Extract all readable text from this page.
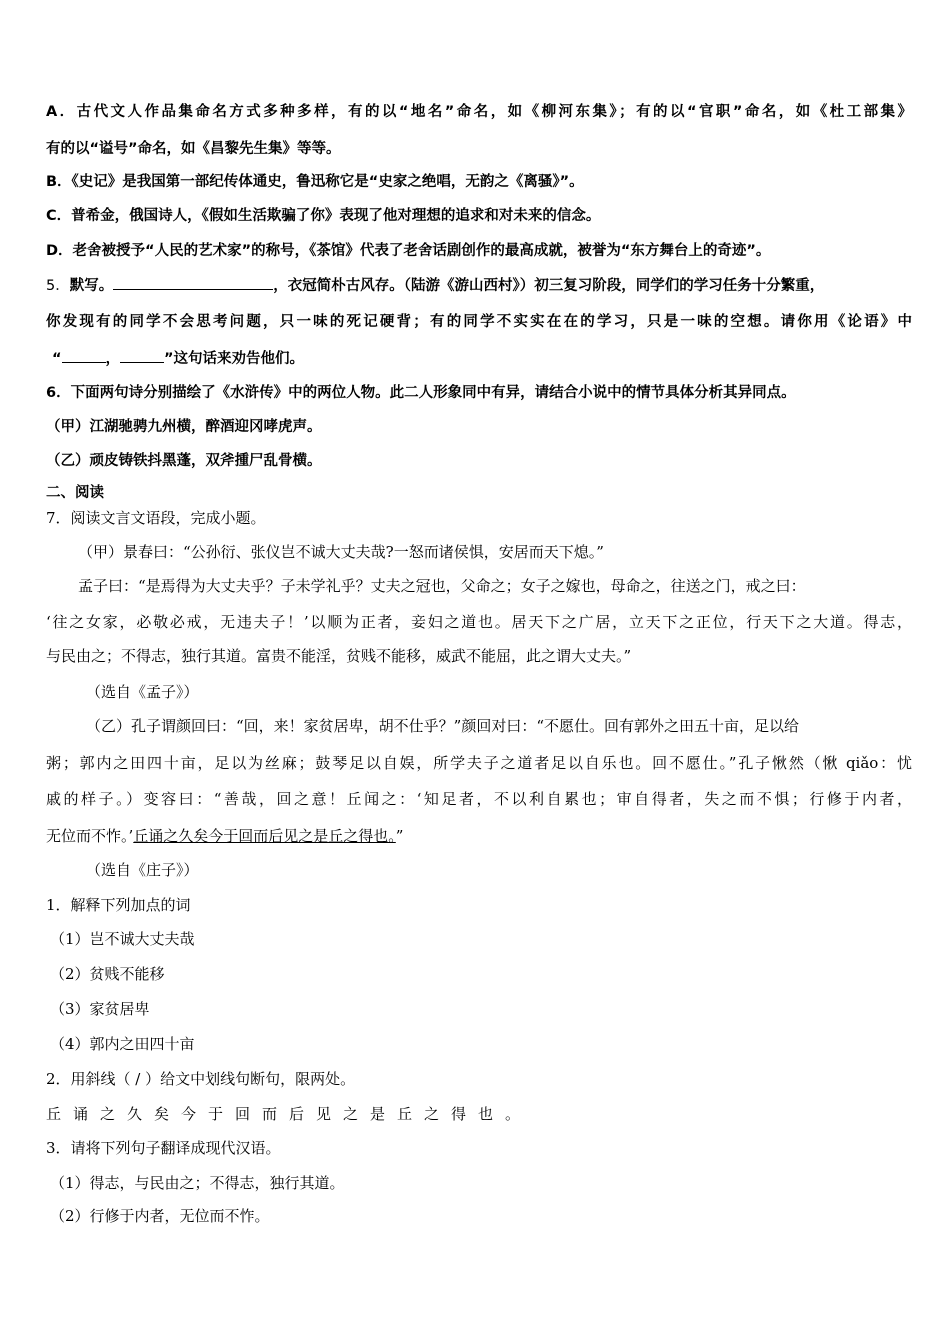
A．古代文人作品集命名方式多种多样，有的以“地名”命名，如《柳河东集》；有的以“官职”命名，如《杜工部集》
有的以“谥号”命名，如《昌黎先生集》等等。
B．《史记》是我国第一部纪传体通史，鲁迅称它是“史家之绝唱，无韵之《离骚》”。
C．普希金，俄国诗人，《假如生活欺骗了你》表现了他对理想的追求和对未来的信念。
D．老舍被授予“人民的艺术家”的称号，《茶馆》代表了老舍话剧创作的最高成就，被誉为“东方舞台上的奇迹”。
5．默写。	，衣冠简朴古风存。（陆游《游山西村》）初三复习阶段，同学们的学习任务十分繁重，
你发现有的同学不会思考问题，只一味的死记硬背；有的同学不实实在在的学习，只是一味的空想。请你用《论语》中
“	，	”这句话来劝告他们。
6．下面两句诗分别描绘了《水浒传》中的两位人物。此二人形象同中有异，请结合小说中的情节具体分析其异同点。
（甲）江湖驰骋九州横，醉酒迎冈哮虎声。
（乙）顽皮铸铁抖黑蓬，双斧揰尸乱骨横。
二、阅读
7．阅读文言文语段，完成小题。
（甲）景春曰：“公孙衍、张仪岂不诚大丈夫哉?一怒而诸侯惧，安居而天下熄。”
孟子曰：“是焉得为大丈夫乎？子未学礼乎？丈夫之冠也，父命之；女子之嫁也，母命之，往送之门，戒之曰：
‘往之女家，必敬必戒，无违夫子！’以顺为正者，妾妇之道也。居天下之广居，立天下之正位，行天下之大道。得志，
与民由之；不得志，独行其道。富贵不能淫，贫贱不能移，威武不能屈，此之谓大丈夫。”
（选自《孟子》）
（乙）孔子谓颜回曰：“回，来！家贫居卑，胡不仕乎？”颜回对曰：“不愿仕。回有郭外之田五十亩，足以给
粥；郭内之田四十亩，足以为丝麻；鼓琴足以自娱，所学夫子之道者足以自乐也。回不愿仕。”孔子愀然（愀 qiǎo：忧
戚的样子。）变容曰：“善哉，回之意！丘闻之：‘知足者，不以利自累也；审自得者，失之而不惧；行修于内者，
无位而不怍。’丘诵之久矣今于回而后见之是丘之得也。”
（选自《庄子》）
1．解释下列加点的词
（1）岂不诚大丈夫哉
（2）贫贱不能移
（3）家贫居卑
（4）郭内之田四十亩
2．用斜线（ / ）给文中划线句断句，限两处。
丘诵之久矣今于回而后见之是丘之得也。
3．请将下列句子翻译成现代汉语。
（1）得志，与民由之；不得志，独行其道。
（2）行修于内者，无位而不怍。
